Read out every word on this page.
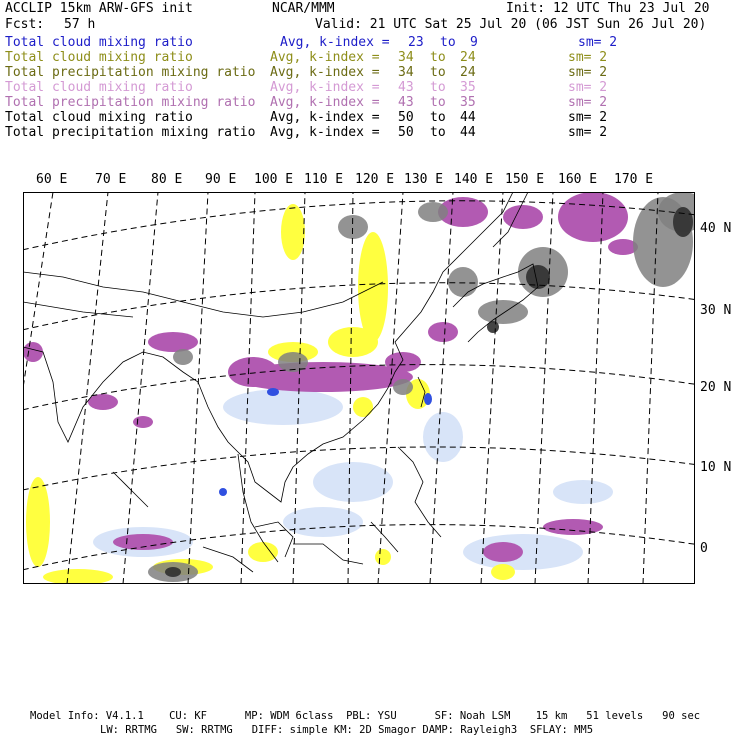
ACCLIP 15km ARW-GFS init	NCAR/MMM	Init: 12 UTC Thu 23 Jul 20
Fcst: 57 h	Valid: 21 UTC Sat 25 Jul 20 (06 JST Sun 26 Jul 20)
Total cloud mixing ratio	Avg, k-index = 23 to 9	sm= 2
Total cloud mixing ratio	Avg, k-index = 34 to 24	sm= 2
Total precipitation mixing ratio Avg, k-index = 34 to 24	sm= 2
Total cloud mixing ratio	Avg, k-index = 43 to 35	sm= 2
Total precipitation mixing ratio Avg, k-index = 43 to 35	sm= 2
Total cloud mixing ratio	Avg, k-index = 50 to 44	sm= 2
Total precipitation mixing ratio Avg, k-index = 50 to 44	sm= 2
60 E 70 E 80 E 90 E 100 E 110 E 120 E 130 E 140 E 150 E 160 E 170 E
40 N
30 N
20 N
10 N
0
Model Info: V4.1.1    CU: KF      MP: WDM 6class  PBL: YSU      SF: Noah LSM    15 km   51 levels   90 sec
LW: RRTMG   SW: RRTMG   DIFF: simple KM: 2D Smagor DAMP: Rayleigh3  SFLAY: MM5
